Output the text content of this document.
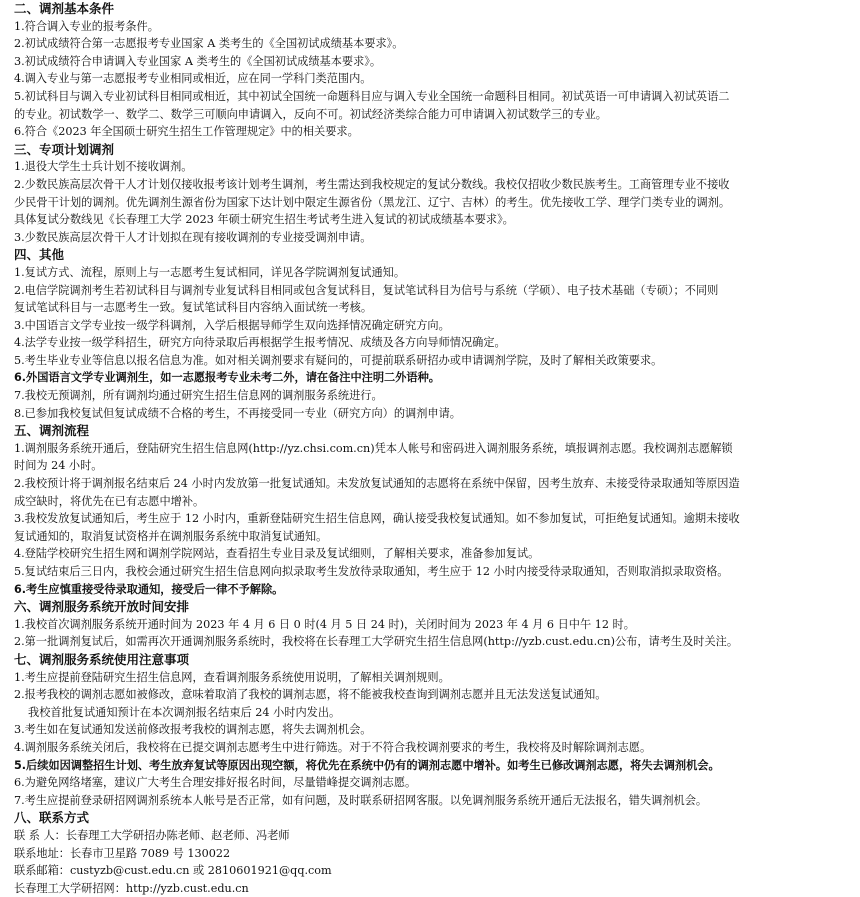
二、调剂基本条件
1.符合调入专业的报考条件。
2.初试成绩符合第一志愿报考专业国家 A 类考生的《全国初试成绩基本要求》。
3.初试成绩符合申请调入专业国家 A 类考生的《全国初试成绩基本要求》。
4.调入专业与第一志愿报考专业相同或相近，应在同一学科门类范围内。
5.初试科目与调入专业初试科目相同或相近，其中初试全国统一命题科目应与调入专业全国统一命题科目相同。初试英语一可申请调入初试英语二
的专业。初试数学一、数学二、数学三可顺向申请调入，反向不可。初试经济类综合能力可申请调入初试数学三的专业。
6.符合《2023 年全国硕士研究生招生工作管理规定》中的相关要求。
三、专项计划调剂
1.退役大学生士兵计划不接收调剂。
2.少数民族高层次骨干人才计划仅接收报考该计划考生调剂，考生需达到我校规定的复试分数线。我校仅招收少数民族考生。工商管理专业不接收
少民骨干计划的调剂。优先调剂生源省份为国家下达计划中限定生源省份（黑龙江、辽宁、吉林）的考生。优先接收工学、理学门类专业的调剂。
具体复试分数线见《长春理工大学 2023 年硕士研究生招生考试考生进入复试的初试成绩基本要求》。
3.少数民族高层次骨干人才计划拟在现有接收调剂的专业接受调剂申请。
四、其他
1.复试方式、流程，原则上与一志愿考生复试相同，详见各学院调剂复试通知。
2.电信学院调剂考生若初试科目与调剂专业复试科目相同或包含复试科目，复试笔试科目为信号与系统（学硕）、电子技术基础（专硕）；不同则
复试笔试科目与一志愿考生一致。复试笔试科目内容纳入面试统一考核。
3.中国语言文学专业按一级学科调剂，入学后根据导师学生双向选择情况确定研究方向。
4.法学专业按一级学科招生，研究方向待录取后再根据学生报考情况、成绩及各方向导师情况确定。
5.考生毕业专业等信息以报名信息为准。如对相关调剂要求有疑问的，可提前联系研招办或申请调剂学院，及时了解相关政策要求。
6.外国语言文学专业调剂生，如一志愿报考专业未考二外，请在备注中注明二外语种。
7.我校无预调剂，所有调剂均通过研究生招生信息网的调剂服务系统进行。
8.已参加我校复试但复试成绩不合格的考生，不再接受同一专业（研究方向）的调剂申请。
五、调剂流程
1.调剂服务系统开通后，登陆研究生招生信息网(http://yz.chsi.com.cn)凭本人帐号和密码进入调剂服务系统，填报调剂志愿。我校调剂志愿解锁
时间为 24 小时。
2.我校预计将于调剂报名结束后 24 小时内发放第一批复试通知。未发放复试通知的志愿将在系统中保留，因考生放弃、未接受待录取通知等原因造
成空缺时，将优先在已有志愿中增补。
3.我校发放复试通知后，考生应于 12 小时内，重新登陆研究生招生信息网，确认接受我校复试通知。如不参加复试，可拒绝复试通知。逾期未接收
复试通知的，取消复试资格并在调剂服务系统中取消复试通知。
4.登陆学校研究生招生网和调剂学院网站，查看招生专业目录及复试细则，了解相关要求，准备参加复试。
5.复试结束后三日内，我校会通过研究生招生信息网向拟录取考生发放待录取通知，考生应于 12 小时内接受待录取通知，否则取消拟录取资格。
6.考生应慎重接受待录取通知，接受后一律不予解除。
六、调剂服务系统开放时间安排
1.我校首次调剂服务系统开通时间为 2023 年 4 月 6 日 0 时(4 月 5 日 24 时)，关闭时间为 2023 年 4 月 6 日中午 12 时。
2.第一批调剂复试后，如需再次开通调剂服务系统时，我校将在长春理工大学研究生招生信息网(http://yzb.cust.edu.cn)公布，请考生及时关注。
七、调剂服务系统使用注意事项
1.考生应提前登陆研究生招生信息网，查看调剂服务系统使用说明，了解相关调剂规则。
2.报考我校的调剂志愿如被修改，意味着取消了我校的调剂志愿，将不能被我校查询到调剂志愿并且无法发送复试通知。
我校首批复试通知预计在本次调剂报名结束后 24 小时内发出。
3.考生如在复试通知发送前修改报考我校的调剂志愿，将失去调剂机会。
4.调剂服务系统关闭后，我校将在已提交调剂志愿考生中进行筛选。对于不符合我校调剂要求的考生，我校将及时解除调剂志愿。
5.后续如因调整招生计划、考生放弃复试等原因出现空额，将优先在系统中仍有的调剂志愿中增补。如考生已修改调剂志愿，将失去调剂机会。
6.为避免网络堵塞，建议广大考生合理安排好报名时间，尽量错峰提交调剂志愿。
7.考生应提前登录研招网调剂系统本人帐号是否正常，如有问题，及时联系研招网客服。以免调剂服务系统开通后无法报名，错失调剂机会。
八、联系方式
联 系 人：长春理工大学研招办陈老师、赵老师、冯老师
联系地址：长春市卫星路 7089 号 130022
联系邮箱：custyzb@cust.edu.cn 或 2810601921@qq.com
长春理工大学研招网：http://yzb.cust.edu.cn
